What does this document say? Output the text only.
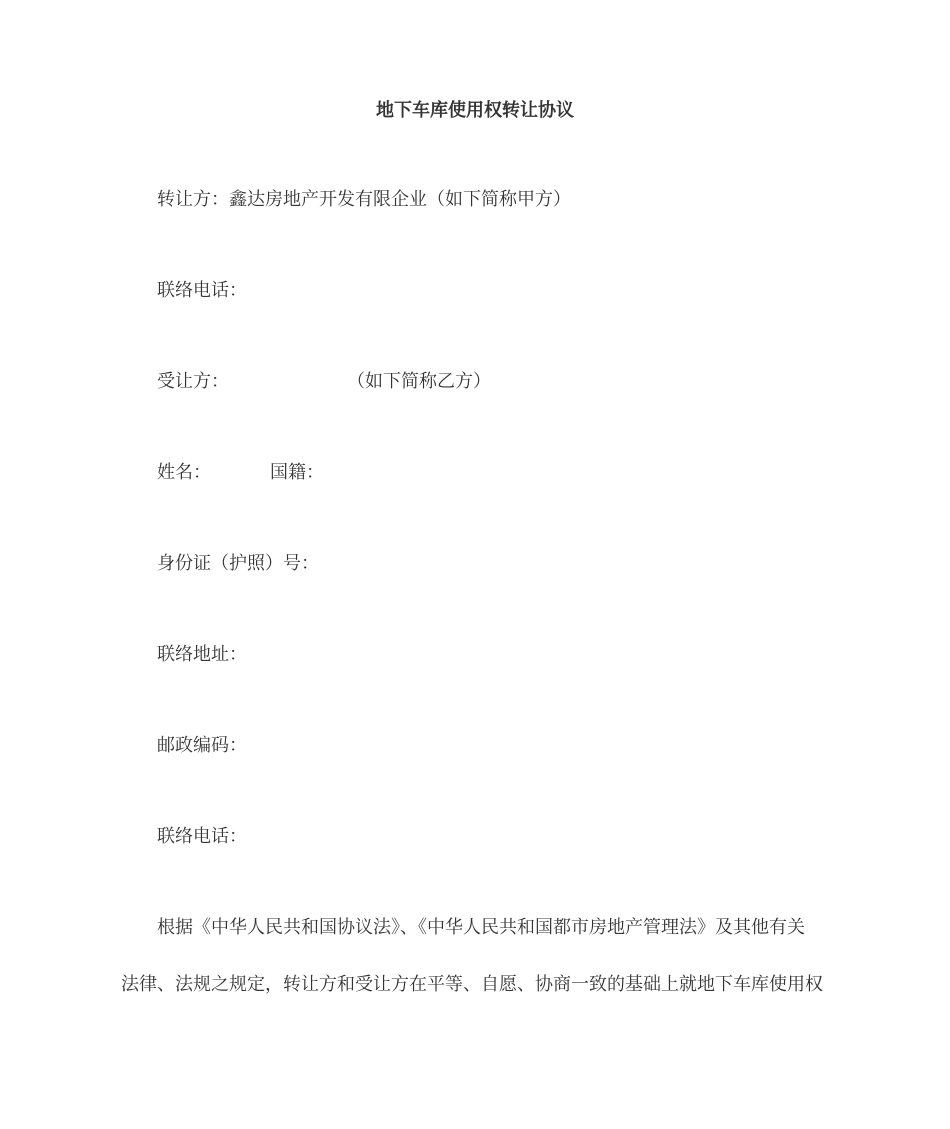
地下车库使用权转让协议
转让方：鑫达房地产开发有限企业（如下简称甲方）
联络电话：
受让方：	（如下简称乙方）
姓名：	国籍：
身份证（护照）号：
联络地址：
邮政编码：
联络电话：
根据《中华人民共和国协议法》、《中华人民共和国都市房地产管理法》及其他有关
法律、法规之规定，转让方和受让方在平等、自愿、协商一致的基础上就地下车库使用权
